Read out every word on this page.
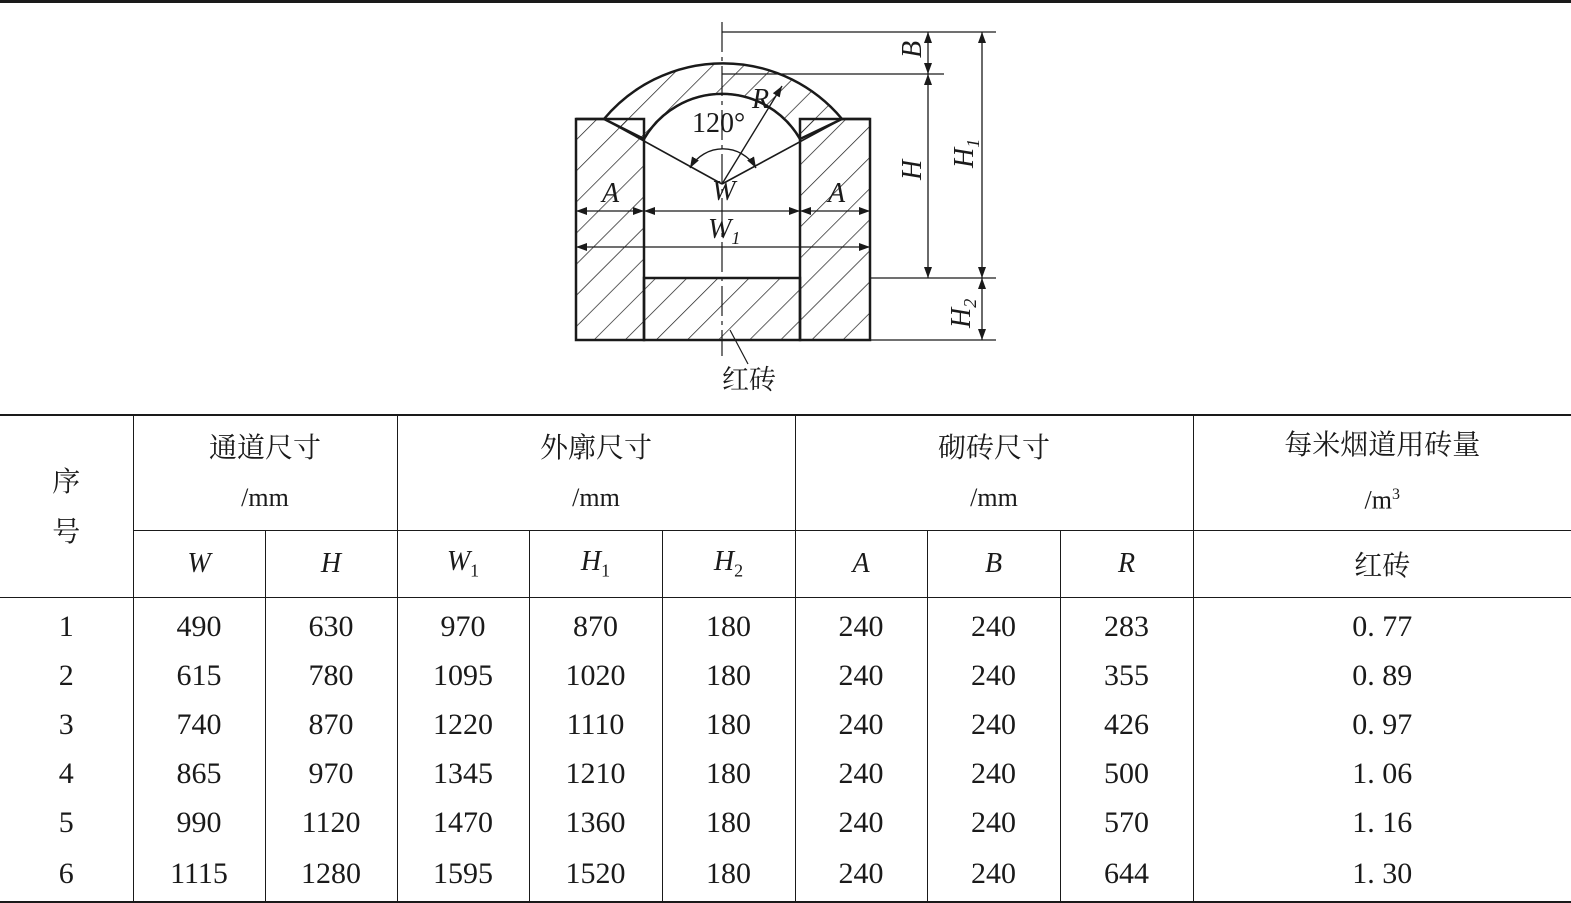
120°
R
W
$W_1$
A	A
B
H
$H_1$
$H_2$
红砖
序
号	通道尺寸
/mm		外廓尺寸
/mm			砌砖尺寸
/mm			每米烟道用砖量
$/m^3$

	W	H	$W_1$	$H_1$	$H_2$	A	B	R	红砖
1	490	630	970	870	180	240	240	283	0. 77
2	615	780	1095	1020	180	240	240	355	0. 89
3	740	870	1220	1110	180	240	240	426	0. 97
4	865	970	1345	1210	180	240	240	500	1. 06
5	990	1120	1470	1360	180	240	240	570	1. 16
6	1115	1280	1595	1520	180	240	240	644	1. 30
